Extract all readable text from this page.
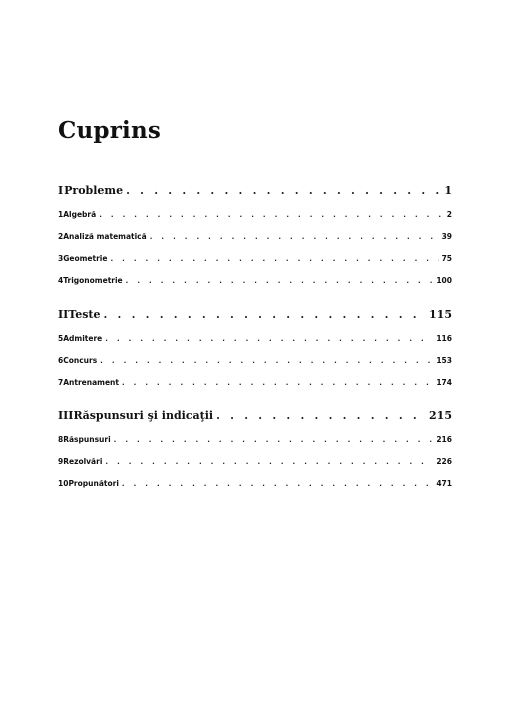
Cuprins
I Probleme . . .	1
1 Algebră . . .	2
2 Analiză matematică . . .	39
3 Geometrie . . .	75
4 Trigonometrie . . .	100
II Teste . . .	115
5 Admitere . . .	116
6 Concurs . . .	153
7 Antrenament . . .	174
III Răspunsuri şi indicaţii . . .	215
8 Răspunsuri . . .	216
9 Rezolvări . . .	226
10 Propunători . . .	471
